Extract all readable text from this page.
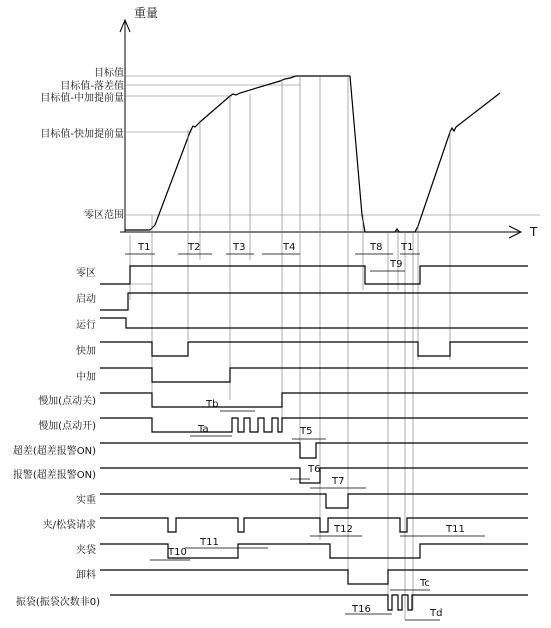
重量
T
目标值
目标值-落差值
目标值-中加提前量
目标值-快加提前量
零区范围
T1	T2	T3	T4	T8 T1
T9
零区
启动
运行
快加
中加
慢加(点动关)
慢加(点动开)
超差(超差报警ON)
报警(超差报警ON)
实重
夹/松袋请求
夹袋
卸料
振袋(振袋次数非0)
Tb
Ta	T5
T6
T7
T12	T11
T10
T11
Tc
T16	Td
